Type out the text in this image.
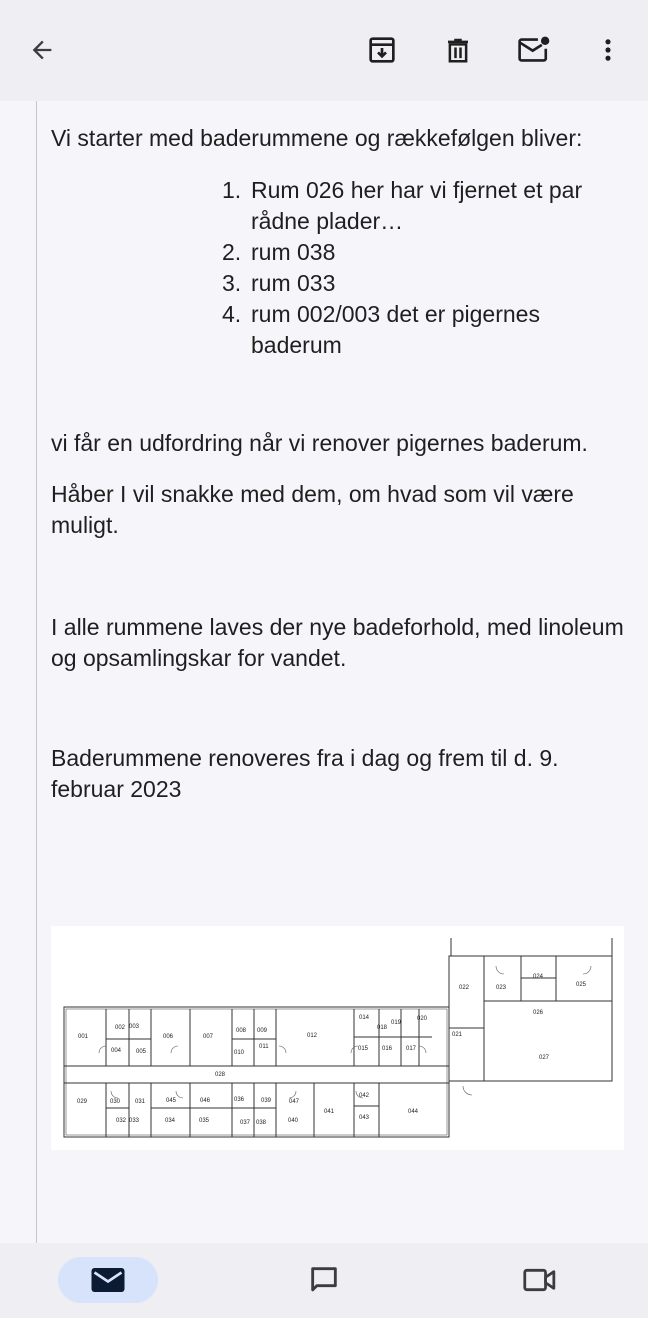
Vi starter med baderummene og rækkefølgen bliver:

1. Rum 026 her har vi fjernet et par rådne plader…
2. rum 038
3. rum 033
4. rum 002/003 det er pigernes baderum

vi får en udfordring når vi renover pigernes baderum.

Håber I vil snakke med dem, om hvad som vil være muligt.

I alle rummene laves der nye badeforhold, med linoleum og opsamlingskar for vandet.

Baderummene renoveres fra i dag og frem til d. 9. februar 2023

001
002 003
004 005
006	007
008 009
010
011
012
014
015 016 017
018
019
020
021
022	023
024
025
026
027
028
029	030 031
032 033	034	035
036
037 038
039
040
041
042
043
044
045	046	047
